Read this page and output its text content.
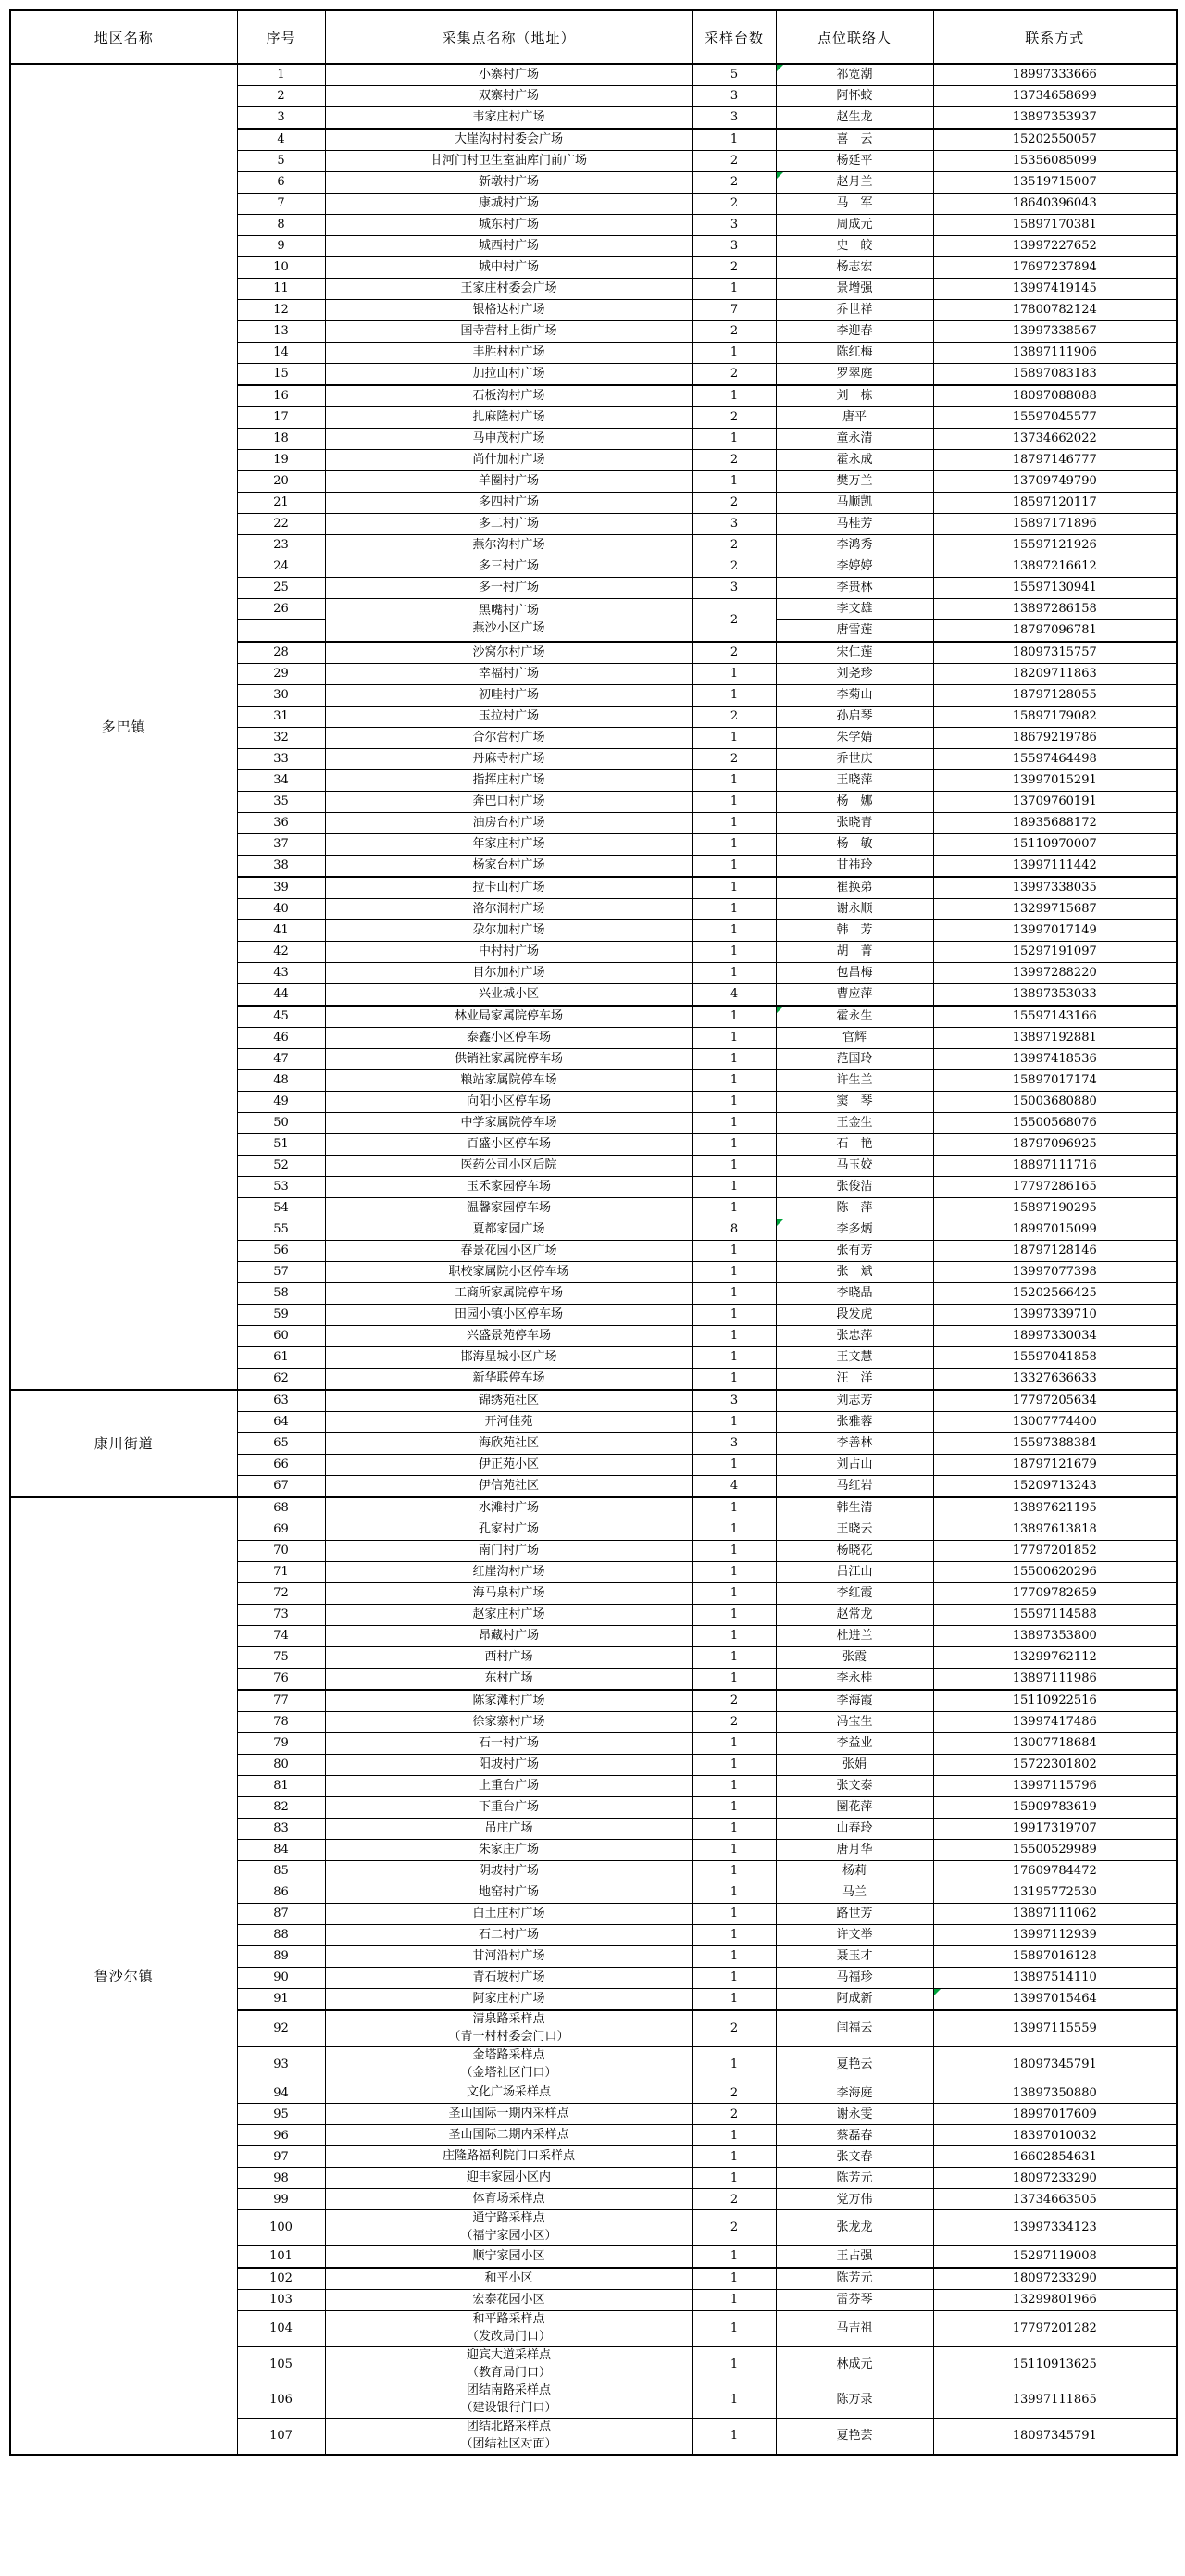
地区名称	序号	采集点名称（地址）	采样台数	点位联络人	联系方式
多巴镇	1	小寨村广场	5	祁宽潮	18997333666
	2	双寨村广场	3	阿怀蛟	13734658699
	3	韦家庄村广场	3	赵生龙	13897353937
	4	大崖沟村村委会广场	1	喜　云	15202550057
	5	甘河门村卫生室油库门前广场	2	杨延平	15356085099
	6	新墩村广场	2	赵月兰	13519715007
	7	康城村广场	2	马　军	18640396043
	8	城东村广场	3	周成元	15897170381
	9	城西村广场	3	史　皎	13997227652
	10	城中村广场	2	杨志宏	17697237894
	11	王家庄村委会广场	1	景增强	13997419145
	12	银格达村广场	7	乔世祥	17800782124
	13	国寺营村上街广场	2	李迎春	13997338567
	14	丰胜村村广场	1	陈红梅	13897111906
	15	加拉山村广场	2	罗翠庭	15897083183
	16	石板沟村广场	1	刘　栋	18097088088
	17	扎麻隆村广场	2	唐平	15597045577
	18	马申茂村广场	1	童永清	13734662022
	19	尚什加村广场	2	霍永成	18797146777
	20	羊圈村广场	1	樊万兰	13709749790
	21	多四村广场	2	马顺凯	18597120117
	22	多二村广场	3	马桂芳	15897171896
	23	燕尔沟村广场	2	李鸿秀	15597121926
	24	多三村广场	2	李婷婷	13897216612
	25	多一村广场	3	李贵林	15597130941
	26	黑嘴村广场
燕沙小区广场	2	李文雄	13897286158
				唐雪莲	18797096781
	28	沙窝尔村广场	2	宋仁莲	18097315757
	29	幸福村广场	1	刘尧珍	18209711863
	30	初哇村广场	1	李菊山	18797128055
	31	玉拉村广场	2	孙启琴	15897179082
	32	合尔营村广场	1	朱学婧	18679219786
	33	丹麻寺村广场	2	乔世庆	15597464498
	34	指挥庄村广场	1	王晓萍	13997015291
	35	奔巴口村广场	1	杨　娜	13709760191
	36	油房台村广场	1	张晓青	18935688172
	37	年家庄村广场	1	杨　敏	15110970007
	38	杨家台村广场	1	甘祎玲	13997111442
	39	拉卡山村广场	1	崔换弟	13997338035
	40	洛尔洞村广场	1	谢永顺	13299715687
	41	尕尔加村广场	1	韩　芳	13997017149
	42	中村村广场	1	胡　菁	15297191097
	43	目尔加村广场	1	包昌梅	13997288220
	44	兴业城小区	4	曹应萍	13897353033
	45	林业局家属院停车场	1	霍永生	15597143166
	46	泰鑫小区停车场	1	官辉	13897192881
	47	供销社家属院停车场	1	范国玲	13997418536
	48	粮站家属院停车场	1	许生兰	15897017174
	49	向阳小区停车场	1	窦　琴	15003680880
	50	中学家属院停车场	1	王金生	15500568076
	51	百盛小区停车场	1	石　艳	18797096925
	52	医药公司小区后院	1	马玉姣	18897111716
	53	玉禾家园停车场	1	张俊洁	17797286165
	54	温馨家园停车场	1	陈　萍	15897190295
	55	夏都家园广场	8	李多炳	18997015099
	56	春景花园小区广场	1	张有芳	18797128146
	57	职校家属院小区停车场	1	张　斌	13997077398
	58	工商所家属院停车场	1	李晓晶	15202566425
	59	田园小镇小区停车场	1	段发虎	13997339710
	60	兴盛景苑停车场	1	张忠萍	18997330034
	61	邯海星城小区广场	1	王文慧	15597041858
	62	新华联停车场	1	汪　洋	13327636633
康川街道	63	锦绣苑社区	3	刘志芳	17797205634
	64	开河佳苑	1	张雅蓉	13007774400
	65	海欣苑社区	3	李善林	15597388384
	66	伊正苑小区	1	刘占山	18797121679
	67	伊信苑社区	4	马红岩	15209713243
鲁沙尔镇	68	水滩村广场	1	韩生清	13897621195
	69	孔家村广场	1	王晓云	13897613818
	70	南门村广场	1	杨晓花	17797201852
	71	红崖沟村广场	1	吕江山	15500620296
	72	海马泉村广场	1	李红霞	17709782659
	73	赵家庄村广场	1	赵常龙	15597114588
	74	昂藏村广场	1	杜进兰	13897353800
	75	西村广场	1	张霞	13299762112
	76	东村广场	1	李永桂	13897111986
	77	陈家滩村广场	2	李海霞	15110922516
	78	徐家寨村广场	2	冯宝生	13997417486
	79	石一村广场	1	李益业	13007718684
	80	阳坡村广场	1	张娟	15722301802
	81	上重台广场	1	张文泰	13997115796
	82	下重台广场	1	圈花萍	15909783619
	83	吊庄广场	1	山春玲	19917319707
	84	朱家庄广场	1	唐月华	15500529989
	85	阴坡村广场	1	杨莉	17609784472
	86	地窑村广场	1	马兰	13195772530
	87	白土庄村广场	1	路世芳	13897111062
	88	石二村广场	1	许文举	13997112939
	89	甘河沿村广场	1	聂玉才	15897016128
	90	青石坡村广场	1	马福珍	13897514110
	91	阿家庄村广场	1	阿成新	13997015464
	92	清泉路采样点
（青一村村委会门口）	2	闫福云	13997115559
	93	金塔路采样点
（金塔社区门口）	1	夏艳云	18097345791
	94	文化广场采样点	2	李海庭	13897350880
	95	圣山国际一期内采样点	2	谢永雯	18997017609
	96	圣山国际二期内采样点	1	蔡磊春	18397010032
	97	庄隆路福利院门口采样点	1	张文春	16602854631
	98	迎丰家园小区内	1	陈芳元	18097233290
	99	体育场采样点	2	党万伟	13734663505
	100	通宁路采样点
（福宁家园小区）	2	张龙龙	13997334123
	101	顺宁家园小区	1	王占强	15297119008
	102	和平小区	1	陈芳元	18097233290
	103	宏泰花园小区	1	雷芬琴	13299801966
	104	和平路采样点
（发改局门口）	1	马吉祖	17797201282
	105	迎宾大道采样点
（教育局门口）	1	林成元	15110913625
	106	团结南路采样点
（建设银行门口）	1	陈万录	13997111865
	107	团结北路采样点
（团结社区对面）	1	夏艳芸	18097345791
